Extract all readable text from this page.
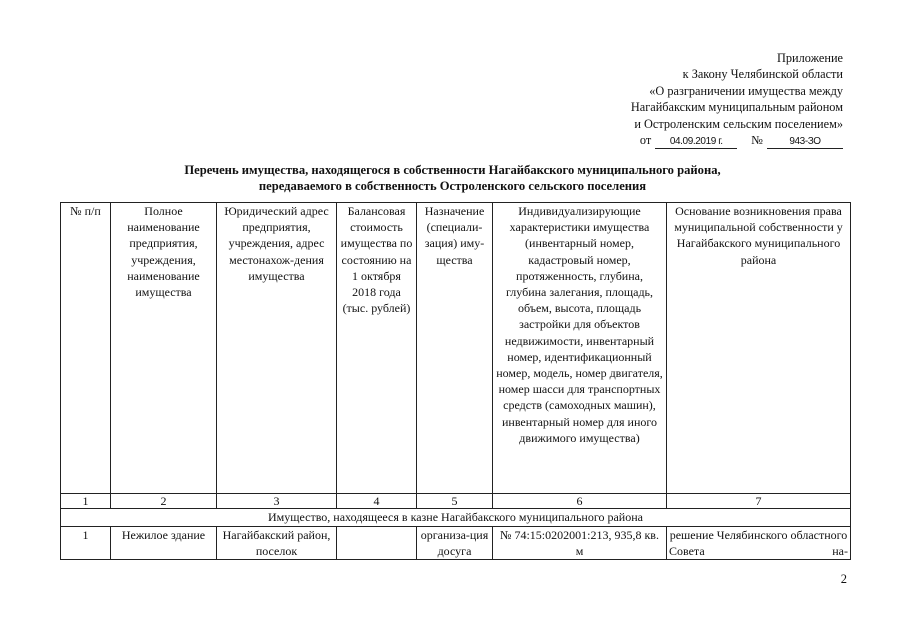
Приложение
к Закону Челябинской области
«О разграничении имущества между
Нагайбакским муниципальным районом
и Остроленским сельским поселением»
от	04.09.2019 г.	№	943-ЗО
Перечень имущества, находящегося в собственности Нагайбакского муниципального района,
передаваемого в собственность Остроленского сельского поселения
№ п/п	Полное наименование предприятия, учреждения, наименование имущества	Юридический адрес предприятия, учреждения, адрес местонахож-дения имущества	Балансовая стоимость имущества по состоянию на 1 октября 2018 года (тыс. рублей)	Назначение (специали-зация) иму-щества	Индивидуализирующие характеристики имущества (инвентарный номер, кадастровый номер, протяженность, глубина, глубина залегания, площадь, объем, высота, площадь застройки для объектов недвижимости, инвентарный номер, идентификационный номер, модель, номер двигателя, номер шасси для транспортных средств (самоходных машин), инвентарный номер для иного движимого имущества)	Основание возникновения права муниципальной собственности у Нагайбакского муниципального района
1	2	3	4	5	6	7
Имущество, находящееся в казне Нагайбакского муниципального района						
1	Нежилое здание	Нагайбакский район, поселок		организа-ция досуга	№ 74:15:0202001:213, 935,8 кв. м	решение Челябинского областного Совета на-
2
